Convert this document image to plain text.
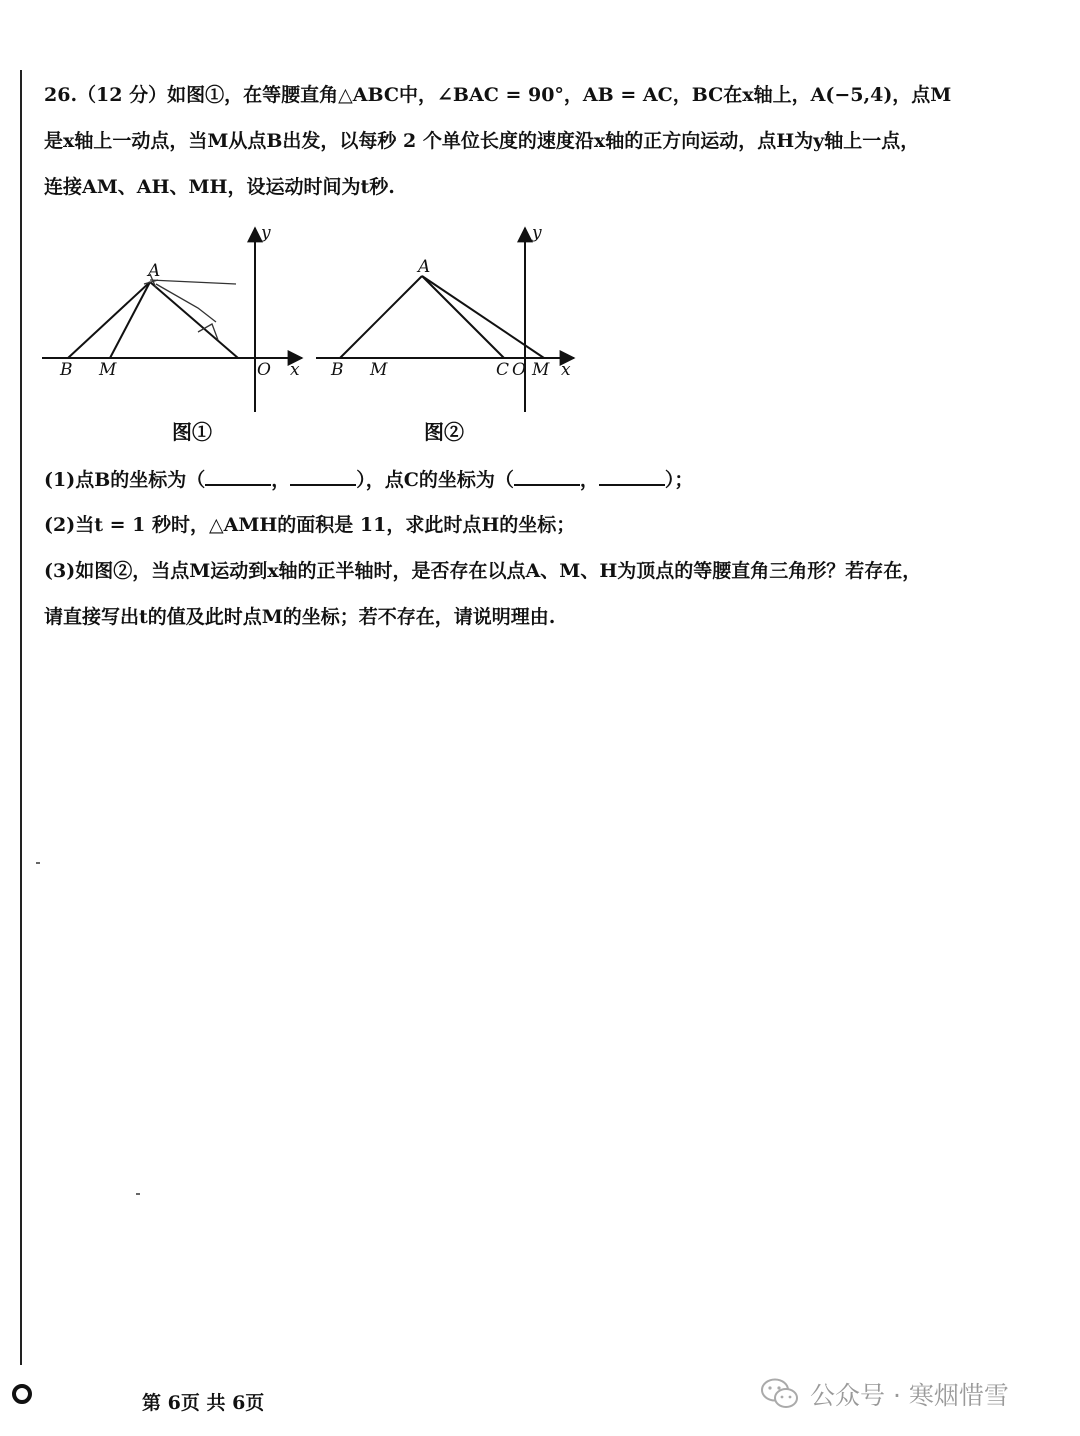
26.（12 分）如图①，在等腰直角△ABC中，∠BAC = 90°，AB = AC，BC在x轴上，A(−5,4)，点M
是x轴上一动点，当M从点B出发，以每秒 2 个单位长度的速度沿x轴的正方向运动，点H为y轴上一点，
连接AM、AH、MH，设运动时间为t秒.
y
A
B M	O x
图①
y
A
B M	C O M x
图②
(1)点B的坐标为（	，	），点C的坐标为（	，	）；
(2)当t = 1 秒时，△AMH的面积是 11，求此时点H的坐标；
(3)如图②，当点M运动到x轴的正半轴时，是否存在以点A、M、H为顶点的等腰直角三角形？若存在，
请直接写出t的值及此时点M的坐标；若不存在，请说明理由.
第 6页 共 6页	公众号 · 寒烟惜雪
